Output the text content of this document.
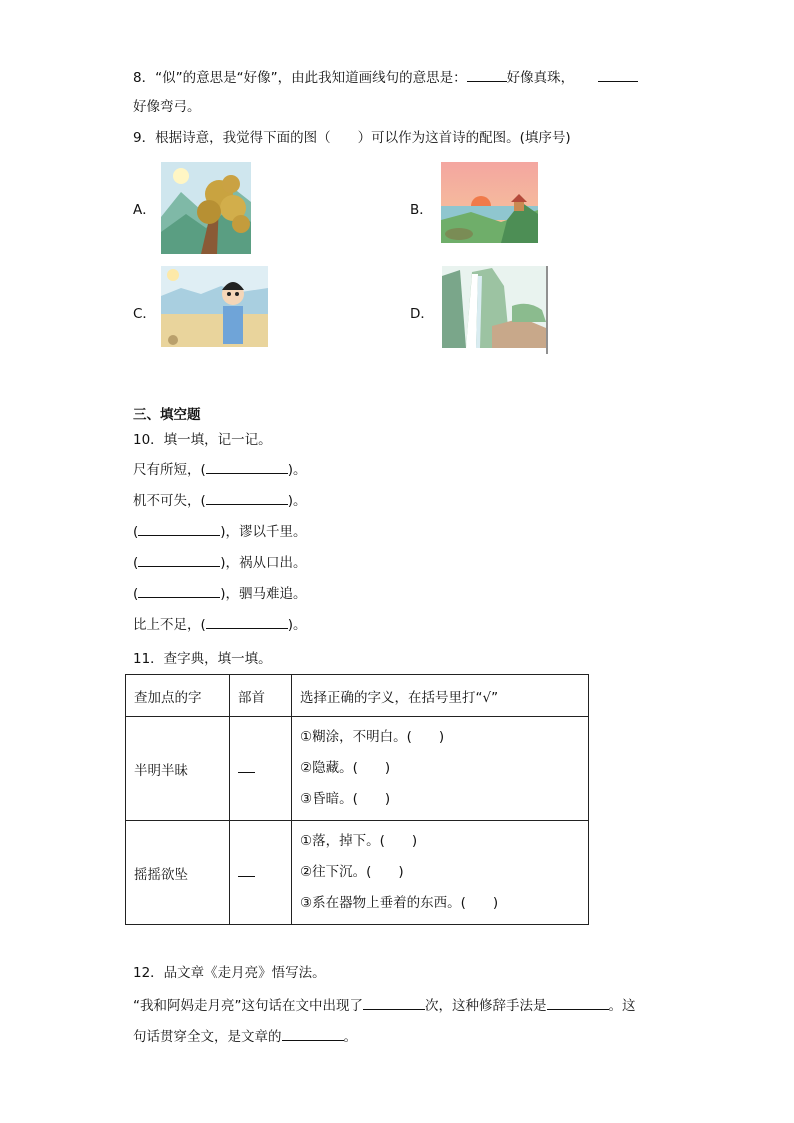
8．“似”的意思是“好像”，由此我知道画线句的意思是：	好像真珠，
好像弯弓。
9．根据诗意，我觉得下面的图（　　）可以作为这首诗的配图。(填序号)
A．	B．
C．	D．
三、填空题
10．填一填，记一记。
尺有所短，(	)。
机不可失，(	)。
(	)，谬以千里。
(	)，祸从口出。
(	)，驷马难追。
比上不足，(	)。
11．查字典，填一填。
查加点的字	部首	选择正确的字义，在括号里打“√”
半明半昧		①糊涂，不明白。(　　)
②隐藏。(　　)
③昏暗。(　　)

摇摇欲坠		①落，掉下。(　　)
②往下沉。(　　)
③系在器物上垂着的东西。(　　)
12．品文章《走月亮》悟写法。
“我和阿妈走月亮”这句话在文中出现了	次，这种修辞手法是	。这
句话贯穿全文，是文章的	。
